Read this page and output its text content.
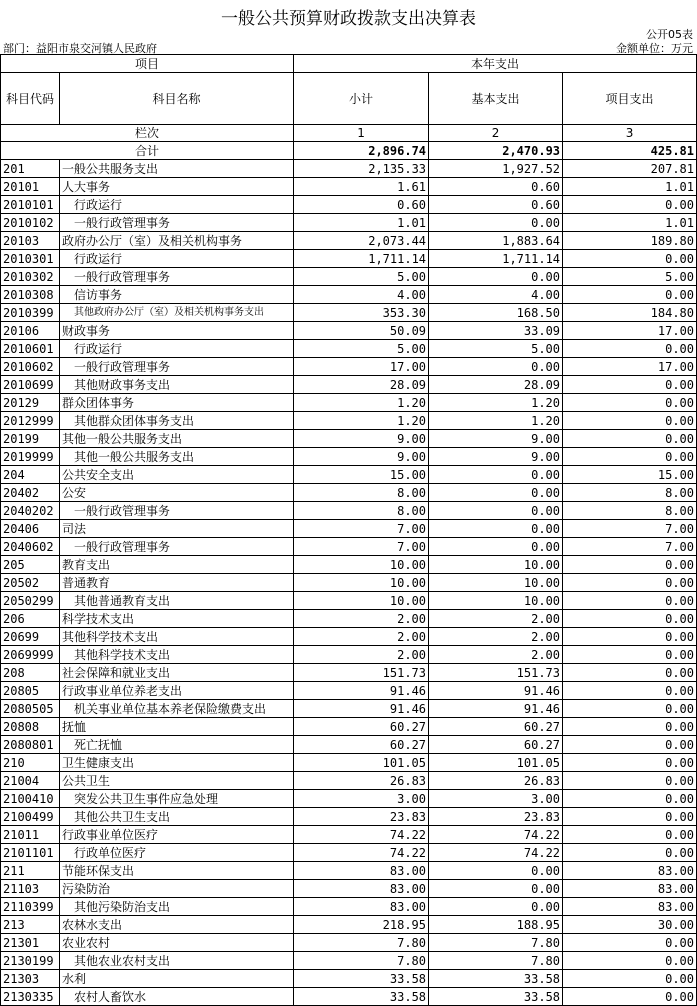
一般公共预算财政拨款支出决算表
公开05表
部门：益阳市泉交河镇人民政府	金额单位：万元
项目		本年支出		
科目代码	科目名称	小计	基本支出	项目支出
栏次		1	2	3
合计		2,896.74	2,470.93	425.81
201	一般公共服务支出	2,135.33	1,927.52	207.81
20101	人大事务	1.61	0.60	1.01
2010101	行政运行	0.60	0.60	0.00
2010102	一般行政管理事务	1.01	0.00	1.01
20103	政府办公厅（室）及相关机构事务	2,073.44	1,883.64	189.80
2010301	行政运行	1,711.14	1,711.14	0.00
2010302	一般行政管理事务	5.00	0.00	5.00
2010308	信访事务	4.00	4.00	0.00
2010399	其他政府办公厅（室）及相关机构事务支出	353.30	168.50	184.80
20106	财政事务	50.09	33.09	17.00
2010601	行政运行	5.00	5.00	0.00
2010602	一般行政管理事务	17.00	0.00	17.00
2010699	其他财政事务支出	28.09	28.09	0.00
20129	群众团体事务	1.20	1.20	0.00
2012999	其他群众团体事务支出	1.20	1.20	0.00
20199	其他一般公共服务支出	9.00	9.00	0.00
2019999	其他一般公共服务支出	9.00	9.00	0.00
204	公共安全支出	15.00	0.00	15.00
20402	公安	8.00	0.00	8.00
2040202	一般行政管理事务	8.00	0.00	8.00
20406	司法	7.00	0.00	7.00
2040602	一般行政管理事务	7.00	0.00	7.00
205	教育支出	10.00	10.00	0.00
20502	普通教育	10.00	10.00	0.00
2050299	其他普通教育支出	10.00	10.00	0.00
206	科学技术支出	2.00	2.00	0.00
20699	其他科学技术支出	2.00	2.00	0.00
2069999	其他科学技术支出	2.00	2.00	0.00
208	社会保障和就业支出	151.73	151.73	0.00
20805	行政事业单位养老支出	91.46	91.46	0.00
2080505	机关事业单位基本养老保险缴费支出	91.46	91.46	0.00
20808	抚恤	60.27	60.27	0.00
2080801	死亡抚恤	60.27	60.27	0.00
210	卫生健康支出	101.05	101.05	0.00
21004	公共卫生	26.83	26.83	0.00
2100410	突发公共卫生事件应急处理	3.00	3.00	0.00
2100499	其他公共卫生支出	23.83	23.83	0.00
21011	行政事业单位医疗	74.22	74.22	0.00
2101101	行政单位医疗	74.22	74.22	0.00
211	节能环保支出	83.00	0.00	83.00
21103	污染防治	83.00	0.00	83.00
2110399	其他污染防治支出	83.00	0.00	83.00
213	农林水支出	218.95	188.95	30.00
21301	农业农村	7.80	7.80	0.00
2130199	其他农业农村支出	7.80	7.80	0.00
21303	水利	33.58	33.58	0.00
2130335	农村人畜饮水	33.58	33.58	0.00
